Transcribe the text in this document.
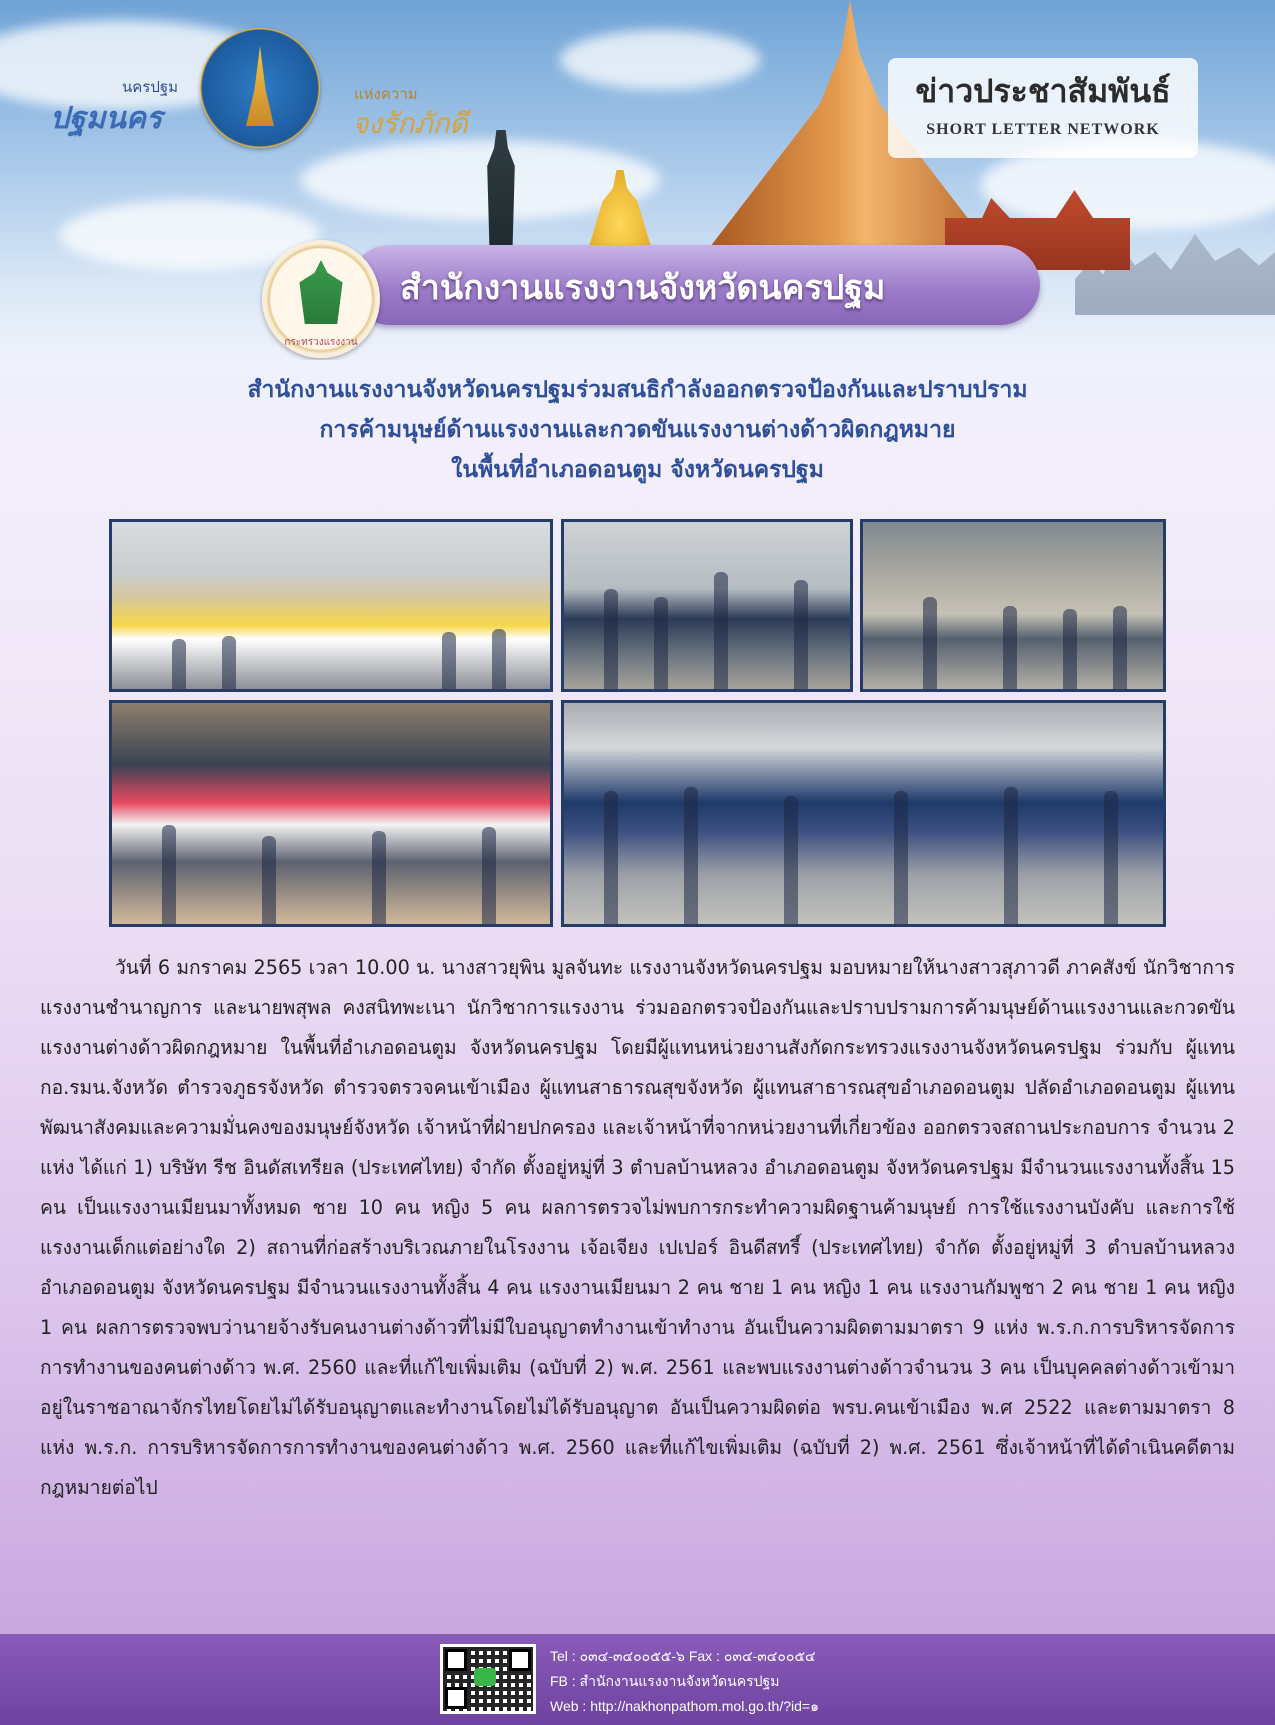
นครปฐม
ปฐมนคร
แห่งความ
จงรักภักดี
ข่าวประชาสัมพันธ์
SHORT LETTER NETWORK
สำนักงานแรงงานจังหวัดนครปฐม
กระทรวงแรงงาน
สำนักงานแรงงานจังหวัดนครปฐมร่วมสนธิกำลังออกตรวจป้องกันและปราบปราม
การค้ามนุษย์ด้านแรงงานและกวดขันแรงงานต่างด้าวผิดกฎหมาย
ในพื้นที่อำเภอดอนตูม จังหวัดนครปฐม
วันที่ 6 มกราคม 2565 เวลา 10.00 น. นางสาวยุพิน มูลจันทะ แรงงานจังหวัดนครปฐม มอบหมายให้นางสาวสุภาวดี ภาคสังข์ นักวิชาการแรงงานชำนาญการ และนายพสุพล คงสนิทพะเนา นักวิชาการแรงงาน ร่วมออกตรวจป้องกันและปราบปรามการค้ามนุษย์ด้านแรงงานและกวดขันแรงงานต่างด้าวผิดกฎหมาย ในพื้นที่อำเภอดอนตูม จังหวัดนครปฐม โดยมีผู้แทนหน่วยงานสังกัดกระทรวงแรงงานจังหวัดนครปฐม ร่วมกับ ผู้แทนกอ.รมน.จังหวัด ตำรวจภูธรจังหวัด ตำรวจตรวจคนเข้าเมือง ผู้แทนสาธารณสุขจังหวัด ผู้แทนสาธารณสุขอำเภอดอนตูม ปลัดอำเภอดอนตูม ผู้แทนพัฒนาสังคมและความมั่นคงของมนุษย์จังหวัด เจ้าหน้าที่ฝ่ายปกครอง และเจ้าหน้าที่จากหน่วยงานที่เกี่ยวข้อง ออกตรวจสถานประกอบการ จำนวน 2 แห่ง ได้แก่ 1) บริษัท รีช อินดัสเทรียล (ประเทศไทย) จำกัด ตั้งอยู่หมู่ที่ 3 ตำบลบ้านหลวง อำเภอดอนตูม จังหวัดนครปฐม มีจำนวนแรงงานทั้งสิ้น 15 คน เป็นแรงงานเมียนมาทั้งหมด ชาย 10 คน หญิง 5 คน ผลการตรวจไม่พบการกระทำความผิดฐานค้ามนุษย์ การใช้แรงงานบังคับ และการใช้แรงงานเด็กแต่อย่างใด 2) สถานที่ก่อสร้างบริเวณภายในโรงงาน เจ้อเจียง เปเปอร์ อินดีสทรี์ (ประเทศไทย) จำกัด ตั้งอยู่หมู่ที่ 3 ตำบลบ้านหลวง อำเภอดอนตูม จังหวัดนครปฐม มีจำนวนแรงงานทั้งสิ้น 4 คน แรงงานเมียนมา 2 คน ชาย 1 คน หญิง 1 คน แรงงานกัมพูชา 2 คน ชาย 1 คน หญิง 1 คน ผลการตรวจพบว่านายจ้างรับคนงานต่างด้าวที่ไม่มีใบอนุญาตทำงานเข้าทำงาน อันเป็นความผิดตามมาตรา 9 แห่ง พ.ร.ก.การบริหารจัดการการทำงานของคนต่างด้าว พ.ศ. 2560 และที่แก้ไขเพิ่มเติม (ฉบับที่ 2) พ.ศ. 2561 และพบแรงงานต่างด้าวจำนวน 3 คน เป็นบุคคลต่างด้าวเข้ามาอยู่ในราชอาณาจักรไทยโดยไม่ได้รับอนุญาตและทำงานโดยไม่ได้รับอนุญาต อันเป็นความผิดต่อ พรบ.คนเข้าเมือง พ.ศ 2522 และตามมาตรา 8 แห่ง พ.ร.ก. การบริหารจัดการการทำงานของคนต่างด้าว พ.ศ. 2560 และที่แก้ไขเพิ่มเติม (ฉบับที่ 2) พ.ศ. 2561 ซึ่งเจ้าหน้าที่ได้ดำเนินคดีตามกฎหมายต่อไป
Tel : ๐๓๔-๓๔๐๐๕๕-๖ Fax : ๐๓๔-๓๔๐๐๕๔
FB : สำนักงานแรงงานจังหวัดนครปฐม
Web : http://nakhonpathom.mol.go.th/?id=๑
